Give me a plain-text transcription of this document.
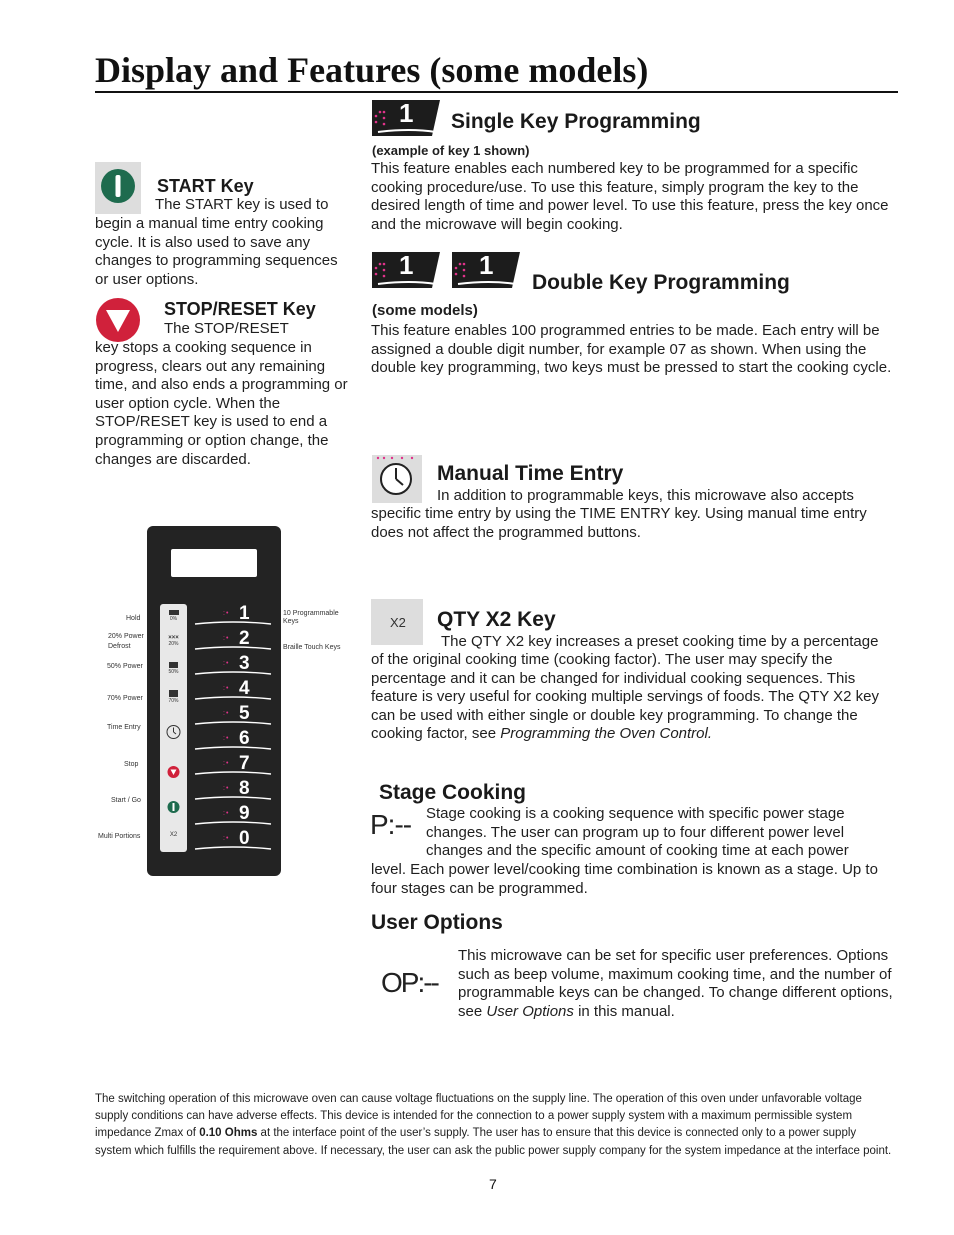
Display and Features (some models)
START Key
The START key is used to
begin a manual time entry cooking cycle. It is also used to save any changes to programming sequences or user options.
STOP/RESET Key
The STOP/RESET
key stops a cooking sequence in progress, clears out any remaining time, and also ends a programming or user option cycle. When the STOP/RESET key is used to end a programming or option change, the changes are discarded.
1 Single Key Programming
(example of key 1 shown)
This feature enables each numbered key to be programmed for a specific cooking procedure/use. To use this feature, simply program the key to the desired length of time and power level. To use this feature, press the key once and the microwave will begin cooking.
1	1
Double Key Programming
(some models)
This feature enables 100 programmed entries to be made. Each entry will be assigned a double digit number, for example 07 as shown. When using the double key programming, two keys must be pressed to start the cooking cycle.
Manual Time Entry
In addition to programmable keys, this microwave also accepts
specific time entry by using the TIME ENTRY key. Using manual time entry does not affect the programmed buttons.
X2 QTY X2 Key
The QTY X2 key increases a preset cooking time by a percentage
of the original cooking time (cooking factor). The user may specify the percentage and it can be changed for individual cooking sequences. This feature is very useful for cooking multiple servings of foods. The QTY X2 key can be used with either single or double key programming. To change the cooking factor, see Programming the Oven Control.
Stage Cooking
P:-- Stage cooking is a cooking sequence with specific power stage changes. The user can program up to four different power level changes and the specific amount of cooking time at each power
level. Each power level/cooking time combination is known as a stage. Up to four stages can be programmed.
User Options
OP:--
This microwave can be set for specific user preferences. Options such as beep volume, maximum cooking time, and the number of programmable keys can be changed. To change different options, see User Options in this manual.
0%
×××
20%
50%
70%
X2
:• 1
:• 2
:• 3
:• 4
:• 5
:• 6
:• 7
:• 8
:• 9
:• 0
Hold
20% Power
Defrost
50% Power
70% Power
Time Entry
Stop
Start / Go
Multi Portions
10 Programmable
Keys
Braille Touch Keys
The switching operation of this microwave oven can cause voltage fluctuations on the supply line. The operation of this oven under unfavorable voltage supply conditions can have adverse effects. This device is intended for the connection to a power supply system with a maximum permissible system impedance Zmax of 0.10 Ohms at the interface point of the user’s supply. The user has to ensure that this device is connected only to a power supply system which fulfills the requirement above. If necessary, the user can ask the public power supply company for the system impedance at the interface point.
7
